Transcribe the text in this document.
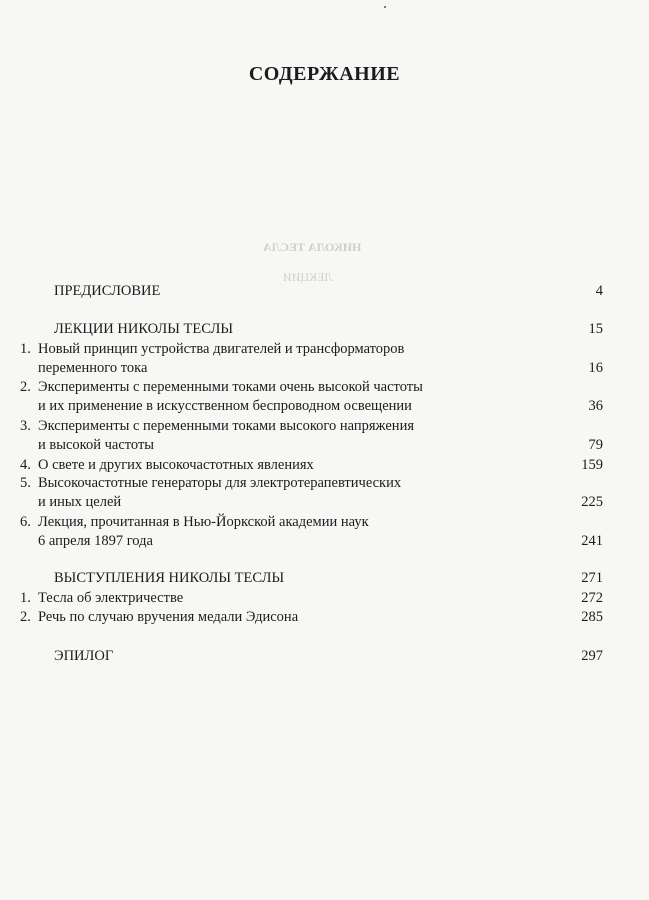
НИКОЛА ТЕСЛА
ЛЕКЦИИ
СОДЕРЖАНИЕ
ПРЕДИСЛОВИЕ	4
ЛЕКЦИИ НИКОЛЫ ТЕСЛЫ	15
1. Новый принцип устройства двигателей и трансформаторов
переменного тока	16
2. Эксперименты с переменными токами очень высокой частоты
и их применение в искусственном беспроводном освещении	36
3. Эксперименты с переменными токами высокого напряжения
и высокой частоты	79
4. О свете и других высокочастотных явлениях	159
5. Высокочастотные генераторы для электротерапевтических
и иных целей	225
6. Лекция, прочитанная в Нью-Йоркской академии наук
6 апреля 1897 года	241
ВЫСТУПЛЕНИЯ НИКОЛЫ ТЕСЛЫ	271
1. Тесла об электричестве	272
2. Речь по случаю вручения медали Эдисона	285
ЭПИЛОГ	297
